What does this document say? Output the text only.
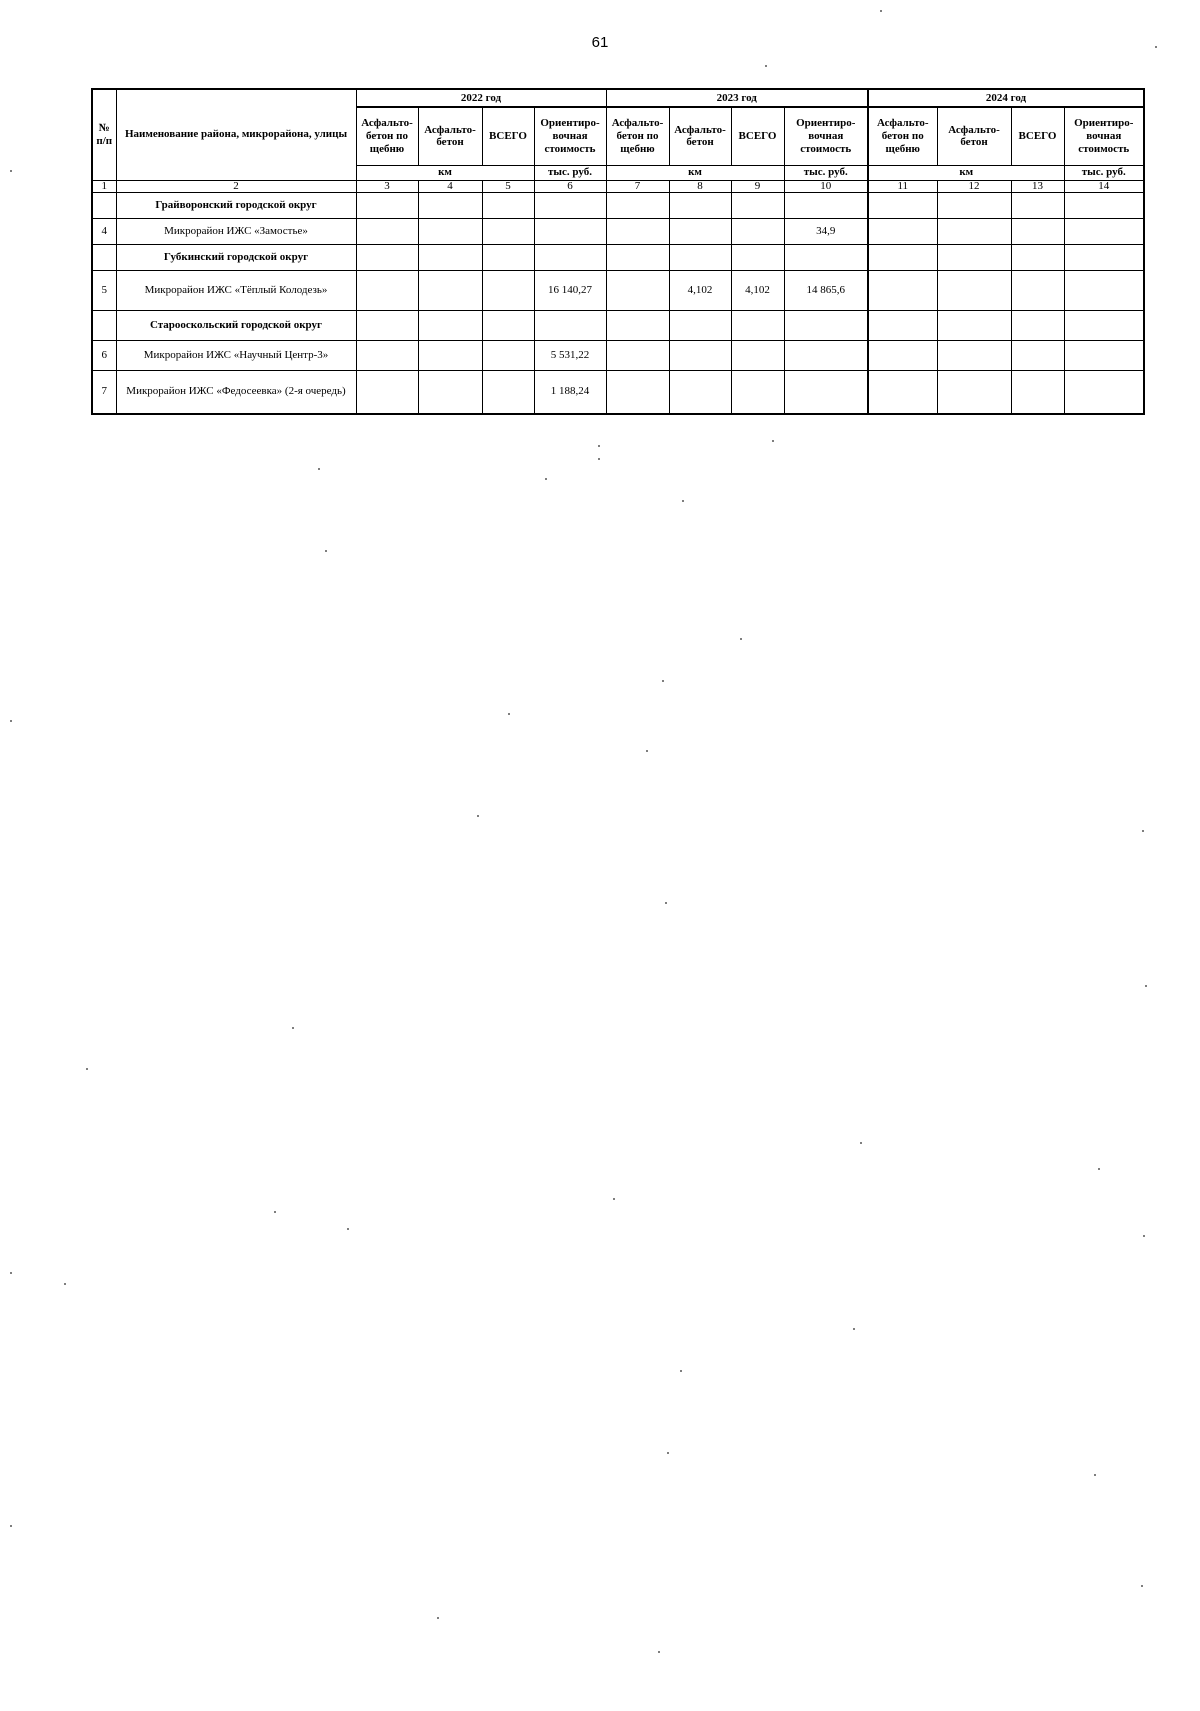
61
№ п/п	Наименование района, микрорайона, улицы	2022 год				2023 год				2024 год			
		Асфальто-бетон по щебню	Асфальто-бетон	ВСЕГО	Ориентиро-вочная стоимость	Асфальто-бетон по щебню	Асфальто-бетон	ВСЕГО	Ориентиро-вочная стоимость	Асфальто-бетон по щебню	Асфальто-бетон	ВСЕГО	Ориентиро-вочная стоимость
		км			тыс. руб.	км			тыс. руб.	км			тыс. руб.
1	2	3	4	5	6	7	8	9	10	11	12	13	14
	Грайворонский городской округ												
4	Микрорайон ИЖС «Замостье»								34,9				
	Губкинский городской округ												
5	Микрорайон ИЖС «Тёплый Колодезь»				16 140,27		4,102	4,102	14 865,6				
	Старооскольский городской округ												
6	Микрорайон ИЖС «Научный Центр-3»				5 531,22								
7	Микрорайон ИЖС «Федосеевка» (2-я очередь)				1 188,24								
